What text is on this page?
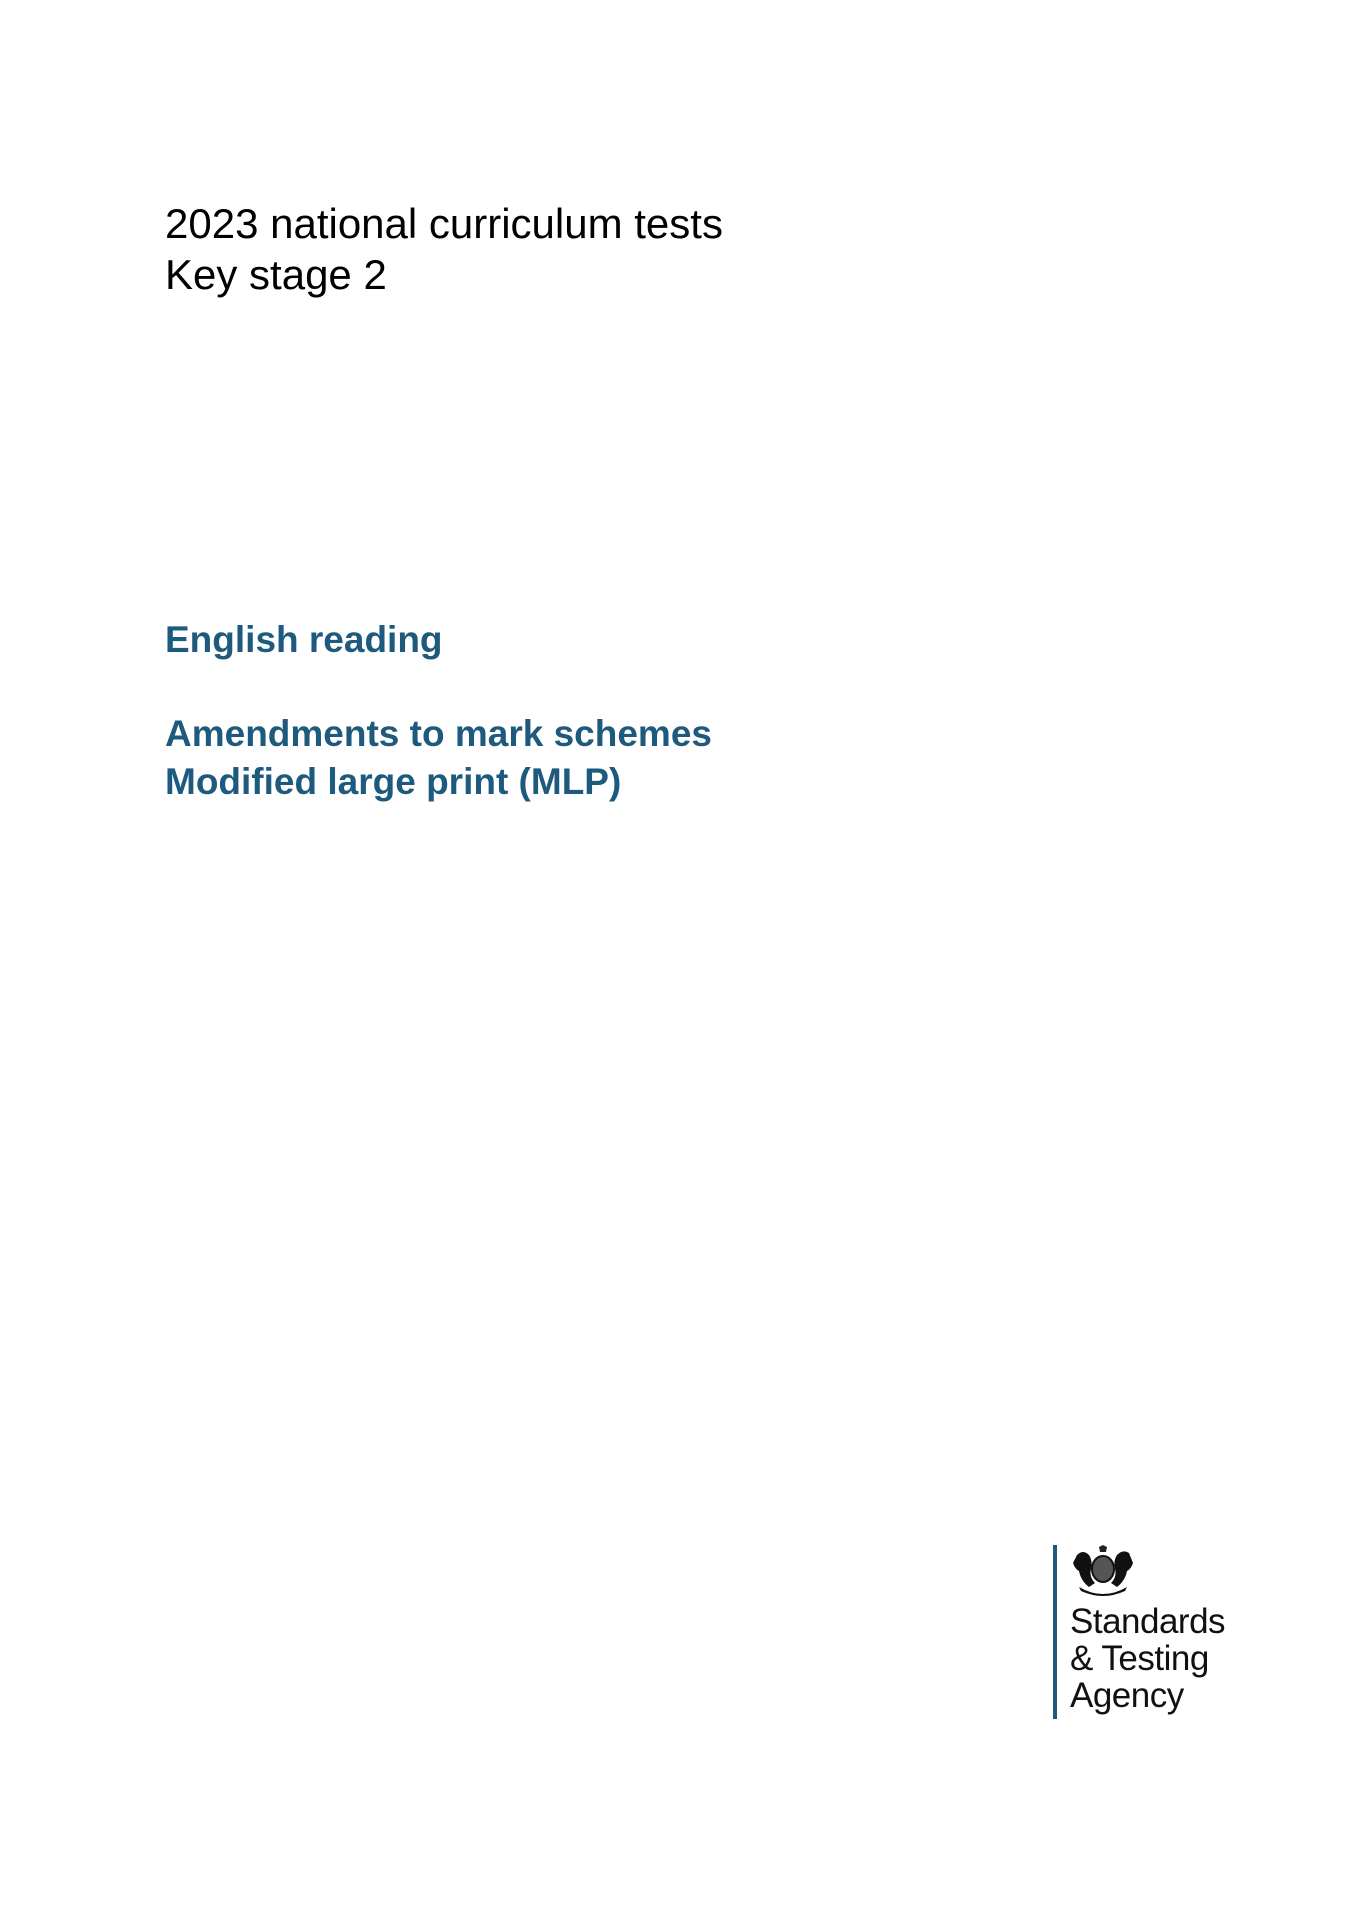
2023 national curriculum tests
Key stage 2
English reading
Amendments to mark schemes
Modified large print (MLP)
Standards
& Testing
Agency
